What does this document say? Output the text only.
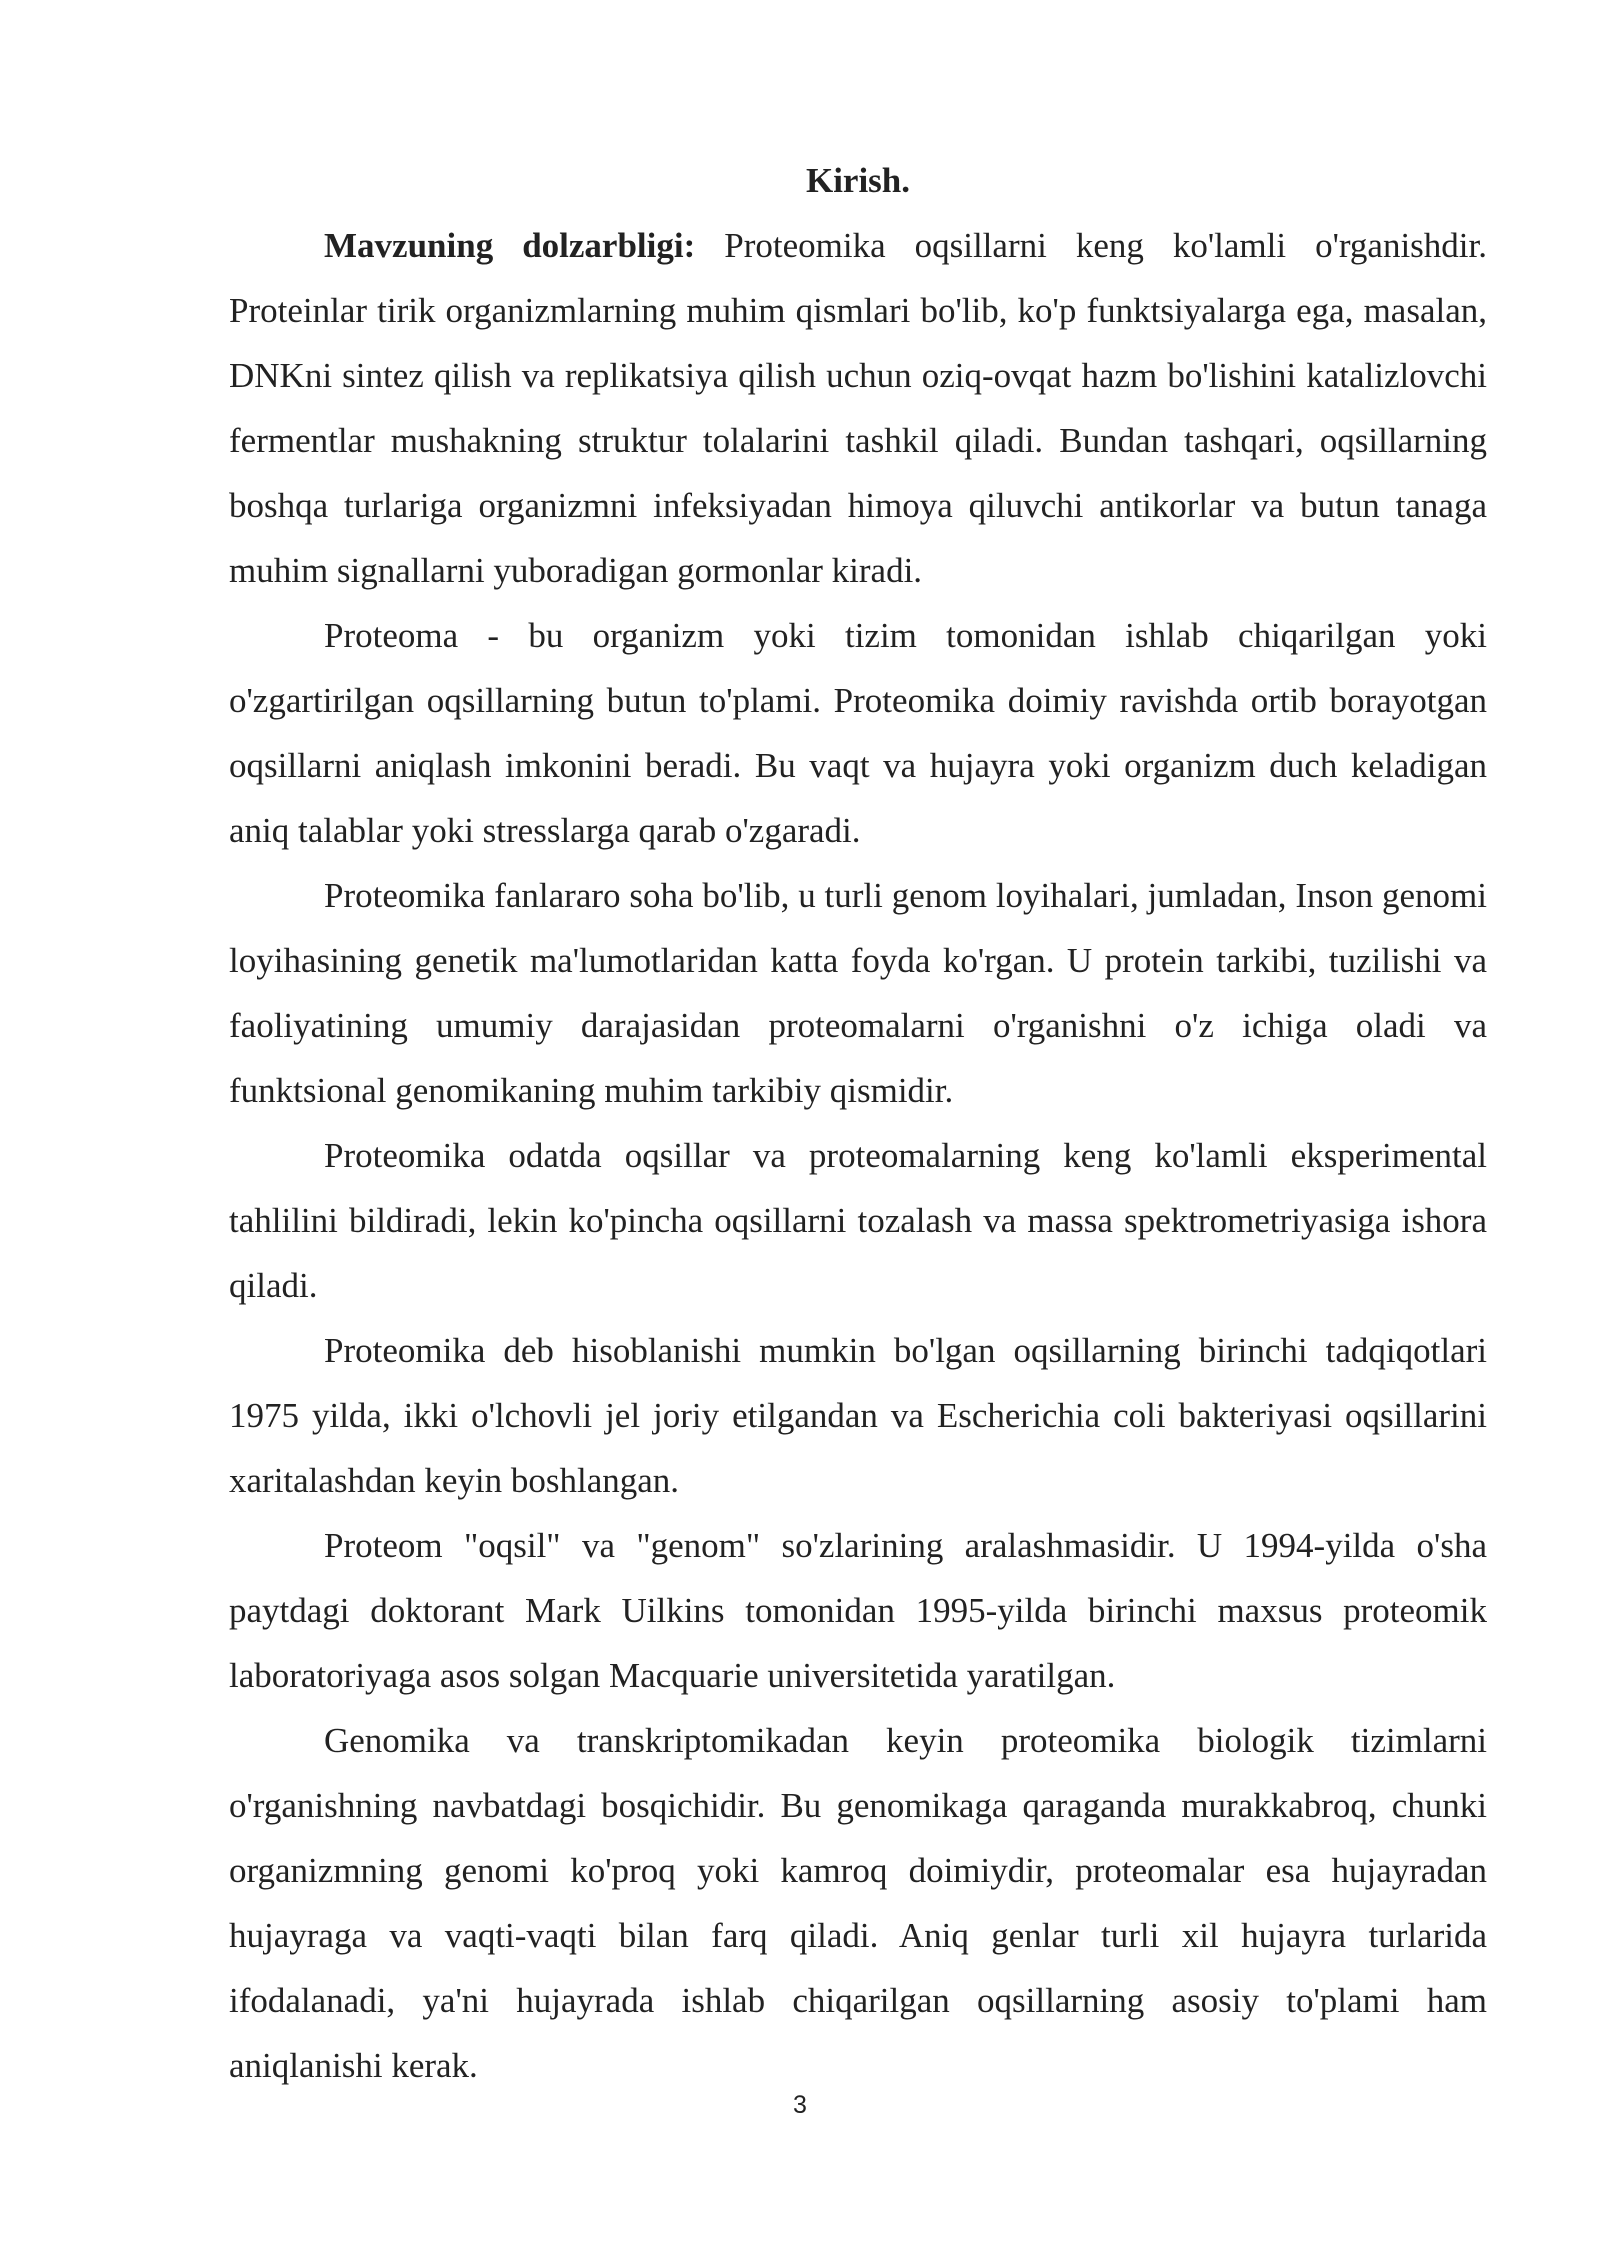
Kirish.

Mavzuning dolzarbligi: Proteomika oqsillarni keng ko'lamli o'rganishdir. Proteinlar tirik organizmlarning muhim qismlari bo'lib, ko'p funktsiyalarga ega, masalan, DNKni sintez qilish va replikatsiya qilish uchun oziq-ovqat hazm bo'lishini katalizlovchi fermentlar mushakning struktur tolalarini tashkil qiladi. Bundan tashqari, oqsillarning boshqa turlariga organizmni infeksiyadan himoya qiluvchi antikorlar va butun tanaga muhim signallarni yuboradigan gormonlar kiradi.

Proteoma - bu organizm yoki tizim tomonidan ishlab chiqarilgan yoki o'zgartirilgan oqsillarning butun to'plami. Proteomika doimiy ravishda ortib borayotgan oqsillarni aniqlash imkonini beradi. Bu vaqt va hujayra yoki organizm duch keladigan aniq talablar yoki stresslarga qarab o'zgaradi.

Proteomika fanlararo soha bo'lib, u turli genom loyihalari, jumladan, Inson genomi loyihasining genetik ma'lumotlaridan katta foyda ko'rgan. U protein tarkibi, tuzilishi va faoliyatining umumiy darajasidan proteomalarni o'rganishni o'z ichiga oladi va funktsional genomikaning muhim tarkibiy qismidir.

Proteomika odatda oqsillar va proteomalarning keng ko'lamli eksperimental tahlilini bildiradi, lekin ko'pincha oqsillarni tozalash va massa spektrometriyasiga ishora qiladi.

Proteomika deb hisoblanishi mumkin bo'lgan oqsillarning birinchi tadqiqotlari 1975 yilda, ikki o'lchovli jel joriy etilgandan va Escherichia coli bakteriyasi oqsillarini xaritalashdan keyin boshlangan.

Proteom "oqsil" va "genom" so'zlarining aralashmasidir. U 1994-yilda o'sha paytdagi doktorant Mark Uilkins tomonidan 1995-yilda birinchi maxsus proteomik laboratoriyaga asos solgan Macquarie universitetida yaratilgan.

Genomika va transkriptomikadan keyin proteomika biologik tizimlarni o'rganishning navbatdagi bosqichidir. Bu genomikaga qaraganda murakkabroq, chunki organizmning genomi ko'proq yoki kamroq doimiydir, proteomalar esa hujayradan hujayraga va vaqti-vaqti bilan farq qiladi. Aniq genlar turli xil hujayra turlarida ifodalanadi, ya'ni hujayrada ishlab chiqarilgan oqsillarning asosiy to'plami ham aniqlanishi kerak.

3
